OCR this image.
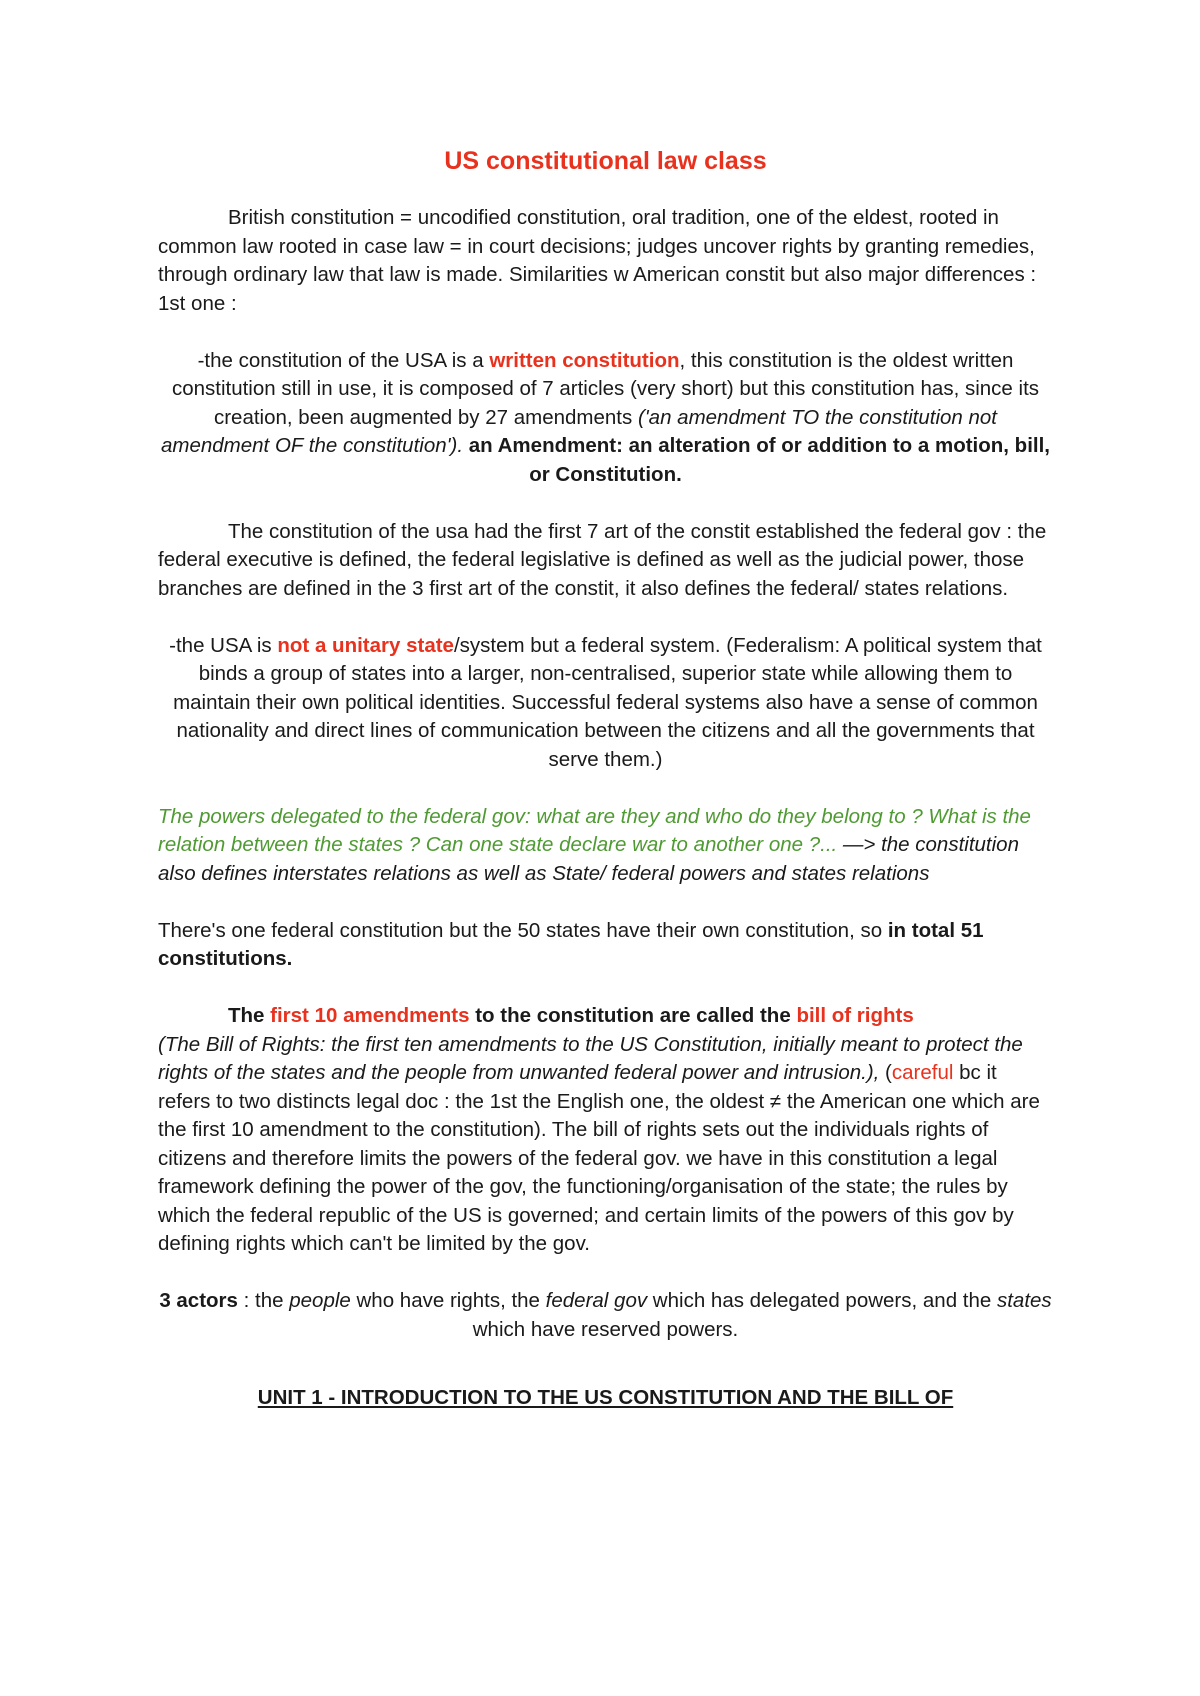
US constitutional law class

British constitution = uncodified constitution, oral tradition, one of the eldest, rooted in common law rooted in case law = in court decisions; judges uncover rights by granting remedies, through ordinary law that law is made. Similarities w American constit but also major differences : 1st one :

-the constitution of the USA is a written constitution, this constitution is the oldest written constitution still in use, it is composed of 7 articles (very short) but this constitution has, since its creation, been augmented by 27 amendments ('an amendment TO the constitution not amendment OF the constitution'). an Amendment: an alteration of or addition to a motion, bill, or Constitution.

The constitution of the usa had the first 7 art of the constit established the federal gov : the federal executive is defined, the federal legislative is defined as well as the judicial power, those branches are defined in the 3 first art of the constit, it also defines the federal/ states relations.

-the USA is not a unitary state/system but a federal system. (Federalism: A political system that binds a group of states into a larger, non-centralised, superior state while allowing them to maintain their own political identities. Successful federal systems also have a sense of common nationality and direct lines of communication between the citizens and all the governments that serve them.)

The powers delegated to the federal gov: what are they and who do they belong to ? What is the relation between the states ? Can one state declare war to another one ?... —> the constitution also defines interstates relations as well as State/ federal powers and states relations

There's one federal constitution but the 50 states have their own constitution, so in total 51 constitutions.

The first 10 amendments to the constitution are called the bill of rights
(The Bill of Rights: the first ten amendments to the US Constitution, initially meant to protect the rights of the states and the people from unwanted federal power and intrusion.), (careful bc it refers to two distincts legal doc : the 1st the English one, the oldest ≠ the American one which are the first 10 amendment to the constitution). The bill of rights sets out the individuals rights of citizens and therefore limits the powers of the federal gov. we have in this constitution a legal framework defining the power of the gov, the functioning/organisation of the state; the rules by which the federal republic of the US is governed; and certain limits of the powers of this gov by defining rights which can't be limited by the gov.

3 actors : the people who have rights, the federal gov which has delegated powers, and the states which have reserved powers.

UNIT 1 - INTRODUCTION TO THE US CONSTITUTION AND THE BILL OF
